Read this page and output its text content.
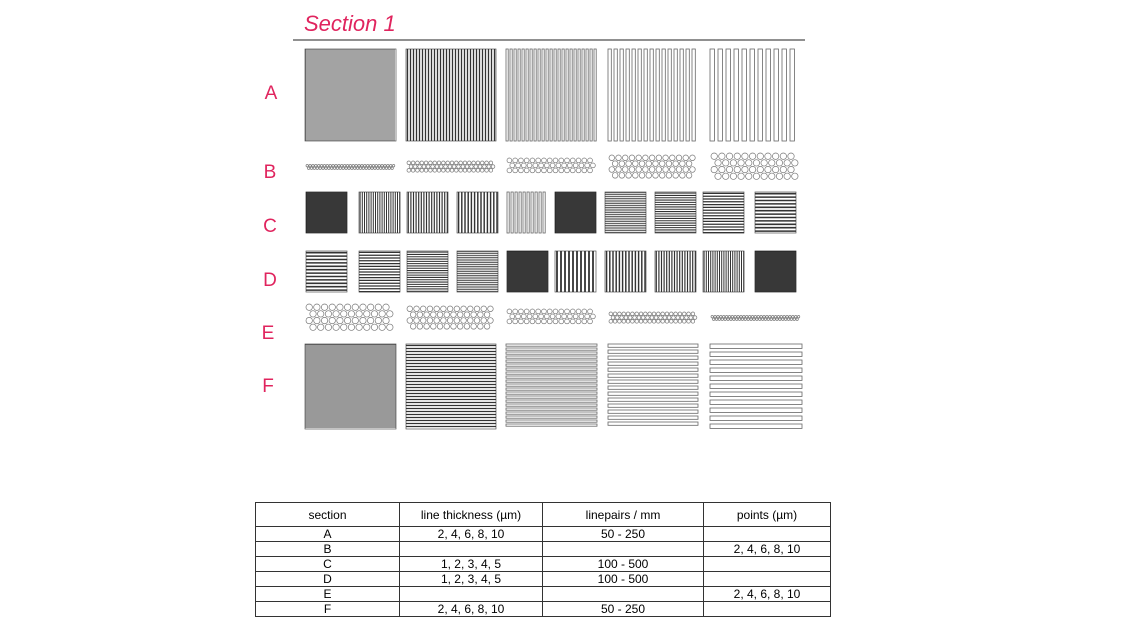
Section 1
A
B
C
D
E
F
section	line thickness (µm)	linepairs / mm	points (µm)
A	2, 4, 6, 8, 10	50 - 250	
B			2, 4, 6, 8, 10
C	1, 2, 3, 4, 5	100 - 500	
D	1, 2, 3, 4, 5	100 - 500	
E			2, 4, 6, 8, 10
F	2, 4, 6, 8, 10	50 - 250	
